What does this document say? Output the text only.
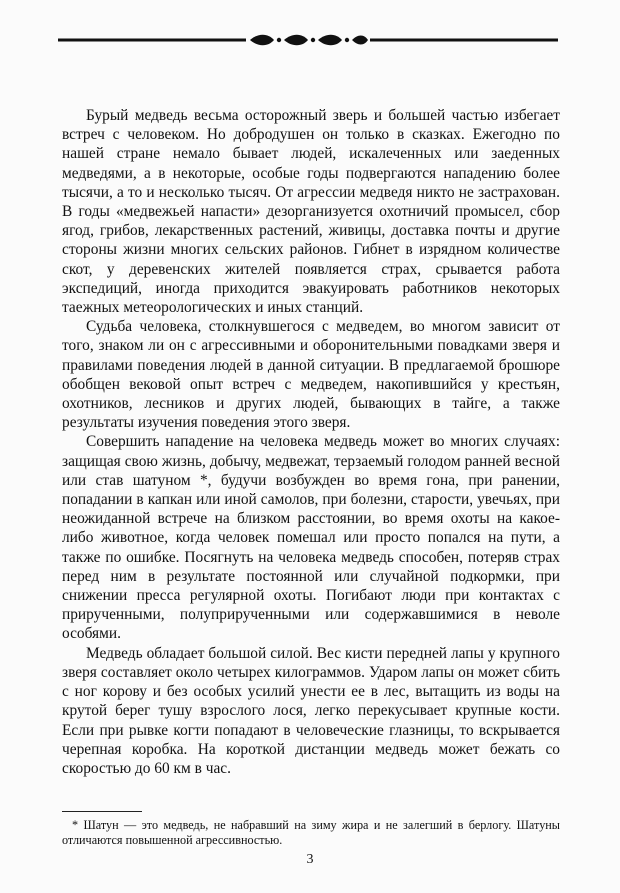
Бурый медведь весьма осторожный зверь и большей частью избегает встреч с человеком. Но добродушен он только в сказках. Ежегодно по нашей стране немало бывает людей, искалеченных или заеденных медведями, а в некоторые, особые годы подвергаются нападению более тысячи, а то и несколько тысяч. От агрессии медведя никто не застрахован. В годы «медвежьей напасти» дезорганизуется охотничий промысел, сбор ягод, грибов, лекарственных растений, живицы, доставка почты и другие стороны жизни многих сельских районов. Гибнет в изрядном количестве скот, у деревенских жителей появляется страх, срывается работа экспедиций, иногда приходится эвакуировать работников некоторых таежных метеорологических и иных станций.

Судьба человека, столкнувшегося с медведем, во многом зависит от того, знаком ли он с агрессивными и оборонительными повадками зверя и правилами поведения людей в данной ситуации. В предлагаемой брошюре обобщен вековой опыт встреч с медведем, накопившийся у крестьян, охотников, лесников и других людей, бывающих в тайге, а также результаты изучения поведения этого зверя.

Совершить нападение на человека медведь может во многих случаях: защищая свою жизнь, добычу, медвежат, терзаемый голодом ранней весной или став шатуном *, будучи возбужден во время гона, при ранении, попадании в капкан или иной самолов, при болезни, старости, увечьях, при неожиданной встрече на близком расстоянии, во время охоты на какое-либо животное, когда человек помешал или просто попался на пути, а также по ошибке. Посягнуть на человека медведь способен, потеряв страх перед ним в результате постоянной или случайной подкормки, при снижении пресса регулярной охоты. Погибают люди при контактах с прирученными, полуприрученными или содержавшимися в неволе особями.

Медведь обладает большой силой. Вес кисти передней лапы у крупного зверя составляет около четырех килограммов. Ударом лапы он может сбить с ног корову и без особых усилий унести ее в лес, вытащить из воды на крутой берег тушу взрослого лося, легко перекусывает крупные кости. Если при рывке когти попадают в человеческие глазницы, то вскрывается черепная коробка. На короткой дистанции медведь может бежать со скоростью до 60 км в час.

* Шатун — это медведь, не набравший на зиму жира и не залегший в берлогу. Шатуны отличаются повышенной агрессивностью.

3
